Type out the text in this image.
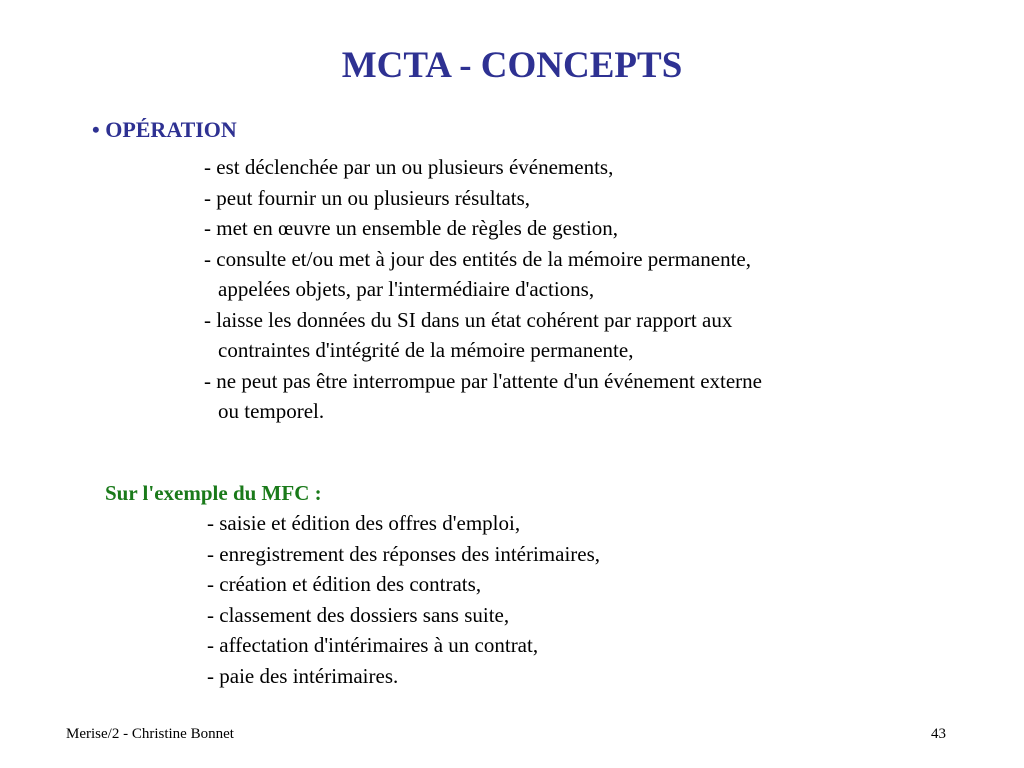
MCTA - CONCEPTS
• OPÉRATION
- est déclenchée par un ou plusieurs événements,
- peut fournir un ou plusieurs résultats,
- met en œuvre un ensemble de règles de gestion,
- consulte et/ou met à jour des entités de la mémoire permanente,
appelées objets, par l'intermédiaire d'actions,
- laisse les données du SI dans un état cohérent par rapport aux
contraintes d'intégrité de la mémoire permanente,
- ne peut pas être interrompue par l'attente d'un événement externe
ou temporel.
Sur l'exemple du MFC :
- saisie et édition des offres d'emploi,
- enregistrement des réponses des intérimaires,
- création et édition des contrats,
- classement des dossiers sans suite,
- affectation d'intérimaires à un contrat,
- paie des intérimaires.
Merise/2 - Christine Bonnet	43
